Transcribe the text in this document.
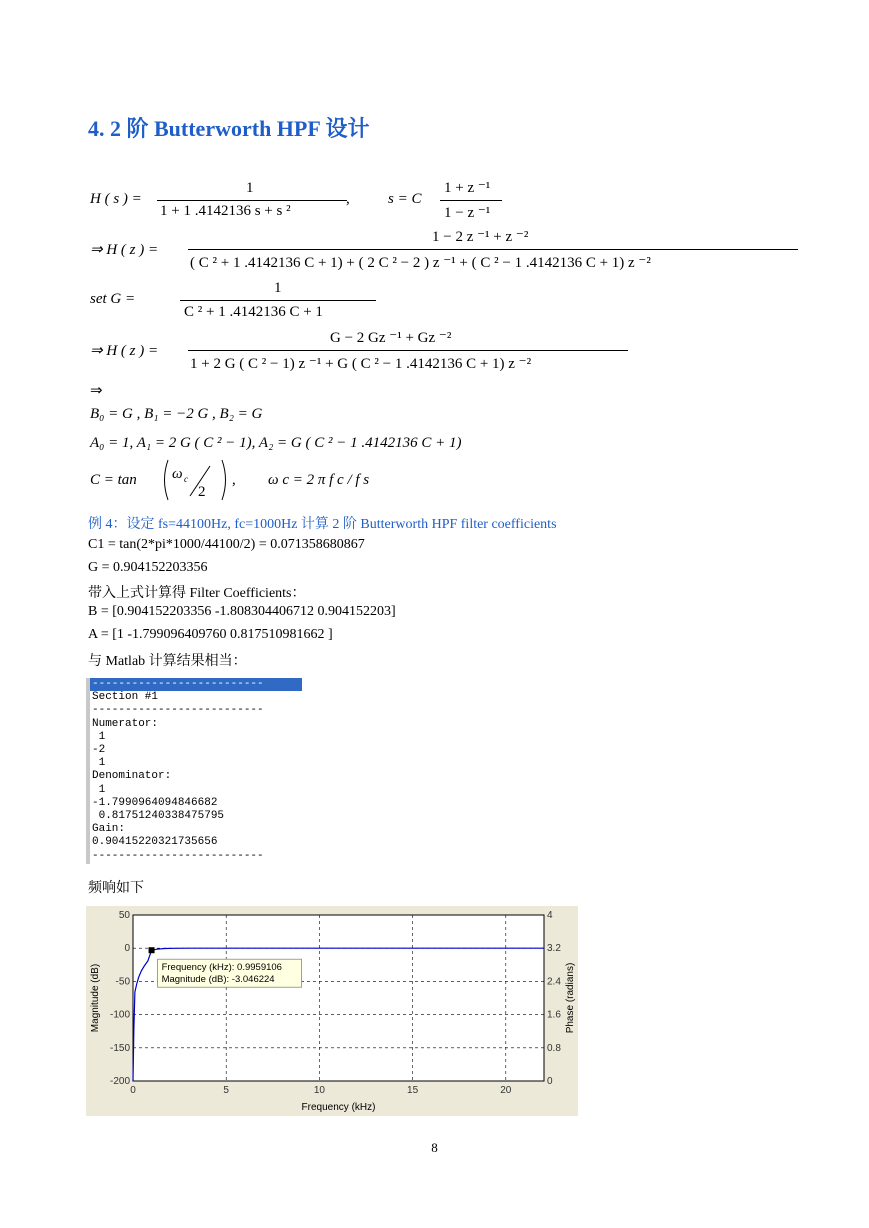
4. 2 阶 Butterworth HPF 设计
H ( s ) =
1
1 + 1 .4142136 s + s ²
,	s = C
1 + z ⁻¹
1 − z ⁻¹
⇒ H ( z ) =
1 − 2 z ⁻¹ + z ⁻²
( C ² + 1 .4142136 C + 1) + ( 2 C ² − 2 ) z ⁻¹ + ( C ² − 1 .4142136 C + 1) z ⁻²
set G =
1
C ² + 1 .4142136 C + 1
⇒ H ( z ) =
G − 2 Gz ⁻¹ + Gz ⁻²
1 + 2 G ( C ² − 1) z ⁻¹ + G ( C ² − 1 .4142136 C + 1) z ⁻²
⇒
B₀ = G , B₁ = −2 G , B₂ = G
A₀ = 1, A₁ = 2 G ( C ² − 1), A₂ = G ( C ² − 1 .4142136 C + 1)
C = tan ω c
2
, ω c = 2 π f c / f s
例 4：设定 fs=44100Hz, fc=1000Hz 计算 2 阶 Butterworth HPF filter coefficients
C1 = tan(2*pi*1000/44100/2) = 0.071358680867
G = 0.904152203356
带入上式计算得 Filter Coefficients：
B = [0.904152203356 -1.808304406712 0.904152203]
A = [1 -1.799096409760 0.817510981662 ]
与 Matlab 计算结果相当：
--------------------------
Section #1
--------------------------
Numerator:
1
-2
1
Denominator:
1
-1.7990964094846682
0.81751240338475795
Gain:
0.90415220321735656
--------------------------
频响如下
0	5	10	15	20
50	4
0	3.2
-50	2.4
-100	1.6
-150	0.8
-200	0
Frequency (kHz): 0.9959106
Magnitude (dB): -3.046224
Frequency (kHz)
Magnitude (dB)	Phase (radians)
8
